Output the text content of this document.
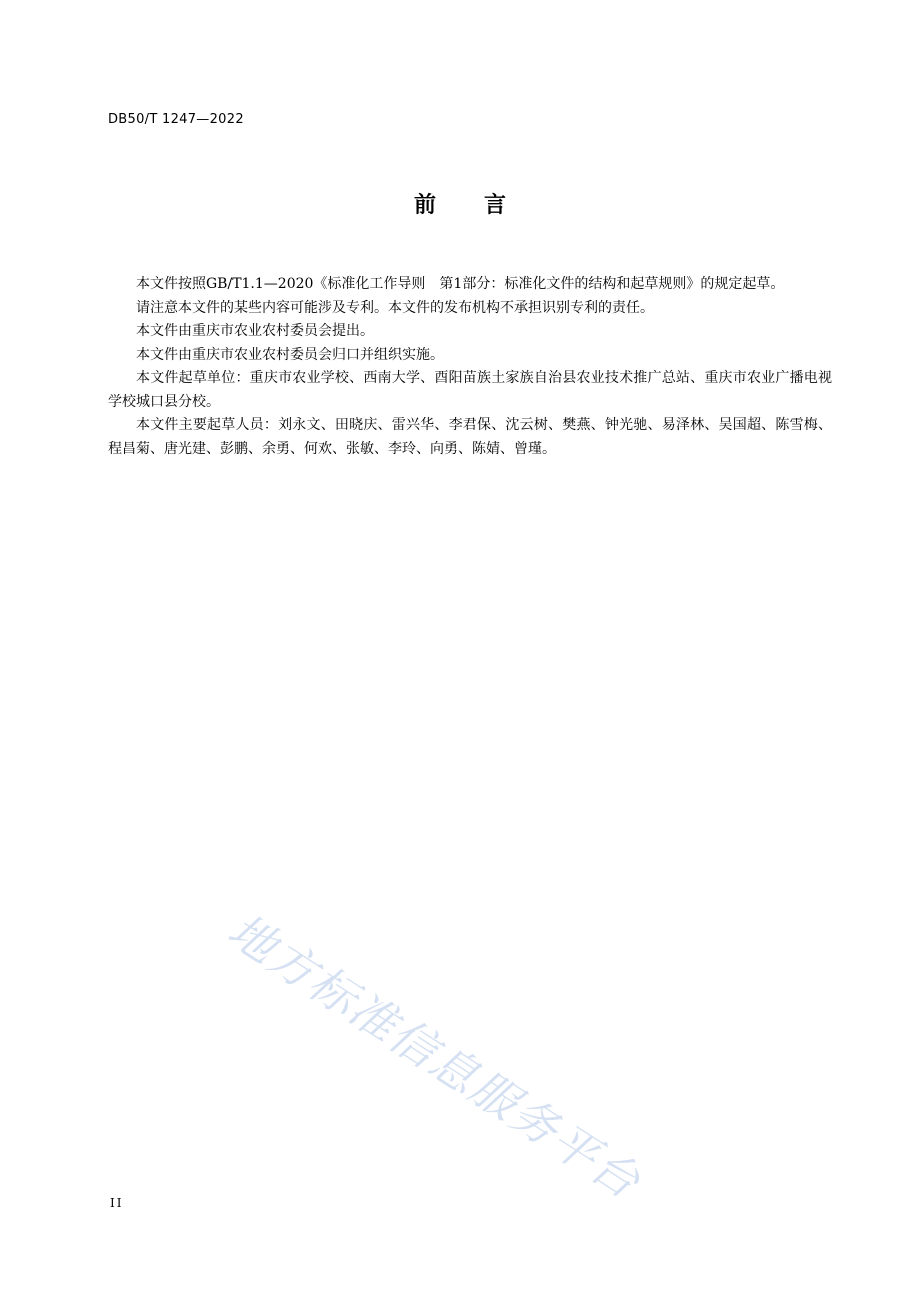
DB50/T 1247—2022
前言

本文件按照GB/T1.1—2020《标准化工作导则　第1部分：标准化文件的结构和起草规则》的规定起草。

请注意本文件的某些内容可能涉及专利。本文件的发布机构不承担识别专利的责任。

本文件由重庆市农业农村委员会提出。

本文件由重庆市农业农村委员会归口并组织实施。

本文件起草单位：重庆市农业学校、西南大学、酉阳苗族土家族自治县农业技术推广总站、重庆市农业广播电视学校城口县分校。

本文件主要起草人员：刘永文、田晓庆、雷兴华、李君保、沈云树、樊燕、钟光驰、易泽林、吴国超、陈雪梅、程昌菊、唐光建、彭鹏、余勇、何欢、张敏、李玲、向勇、陈婧、曾瑾。

地方标准信息服务平台
II
